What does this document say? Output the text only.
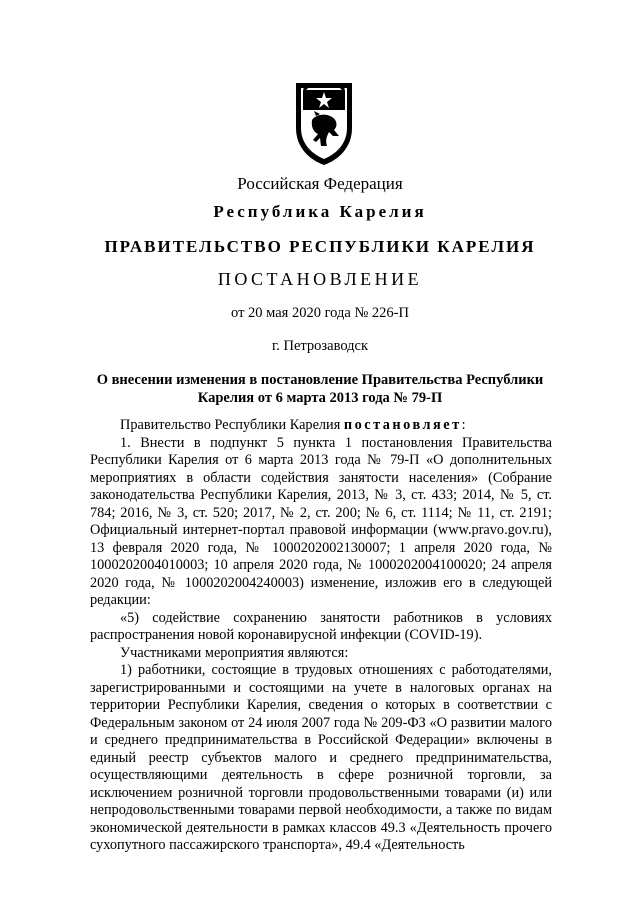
Российская Федерация
Республика Карелия
ПРАВИТЕЛЬСТВО РЕСПУБЛИКИ КАРЕЛИЯ
ПОСТАНОВЛЕНИЕ
от 20 мая 2020 года № 226-П
г. Петрозаводск
О внесении изменения в постановление Правительства Республики Карелия от 6 марта 2013 года № 79-П

Правительство Республики Карелия постановляет:

1. Внести в подпункт 5 пункта 1 постановления Правительства Республики Карелия от 6 марта 2013 года № 79-П «О дополнительных мероприятиях в области содействия занятости населения» (Собрание законодательства Республики Карелия, 2013, № 3, ст. 433; 2014, № 5, ст. 784; 2016, № 3, ст. 520; 2017, № 2, ст. 200; № 6, ст. 1114; № 11, ст. 2191; Официальный интернет-портал правовой информации (www.pravo.gov.ru), 13 февраля 2020 года, № 1000202002130007; 1 апреля 2020 года, № 1000202004010003; 10 апреля 2020 года, № 1000202004100020; 24 апреля 2020 года, № 1000202004240003) изменение, изложив его в следующей редакции:

«5) содействие сохранению занятости работников в условиях распространения новой коронавирусной инфекции (COVID-19).

Участниками мероприятия являются:

1) работники, состоящие в трудовых отношениях с работодателями, зарегистрированными и состоящими на учете в налоговых органах на территории Республики Карелия, сведения о которых в соответствии с Федеральным законом от 24 июля 2007 года № 209-ФЗ «О развитии малого и среднего предпринимательства в Российской Федерации» включены в единый реестр субъектов малого и среднего предпринимательства, осуществляющими деятельность в сфере розничной торговли, за исключением розничной торговли продовольственными товарами (и) или непродовольственными товарами первой необходимости, а также по видам экономической деятельности в рамках классов 49.3 «Деятельность прочего сухопутного пассажирского транспорта», 49.4 «Деятельность
